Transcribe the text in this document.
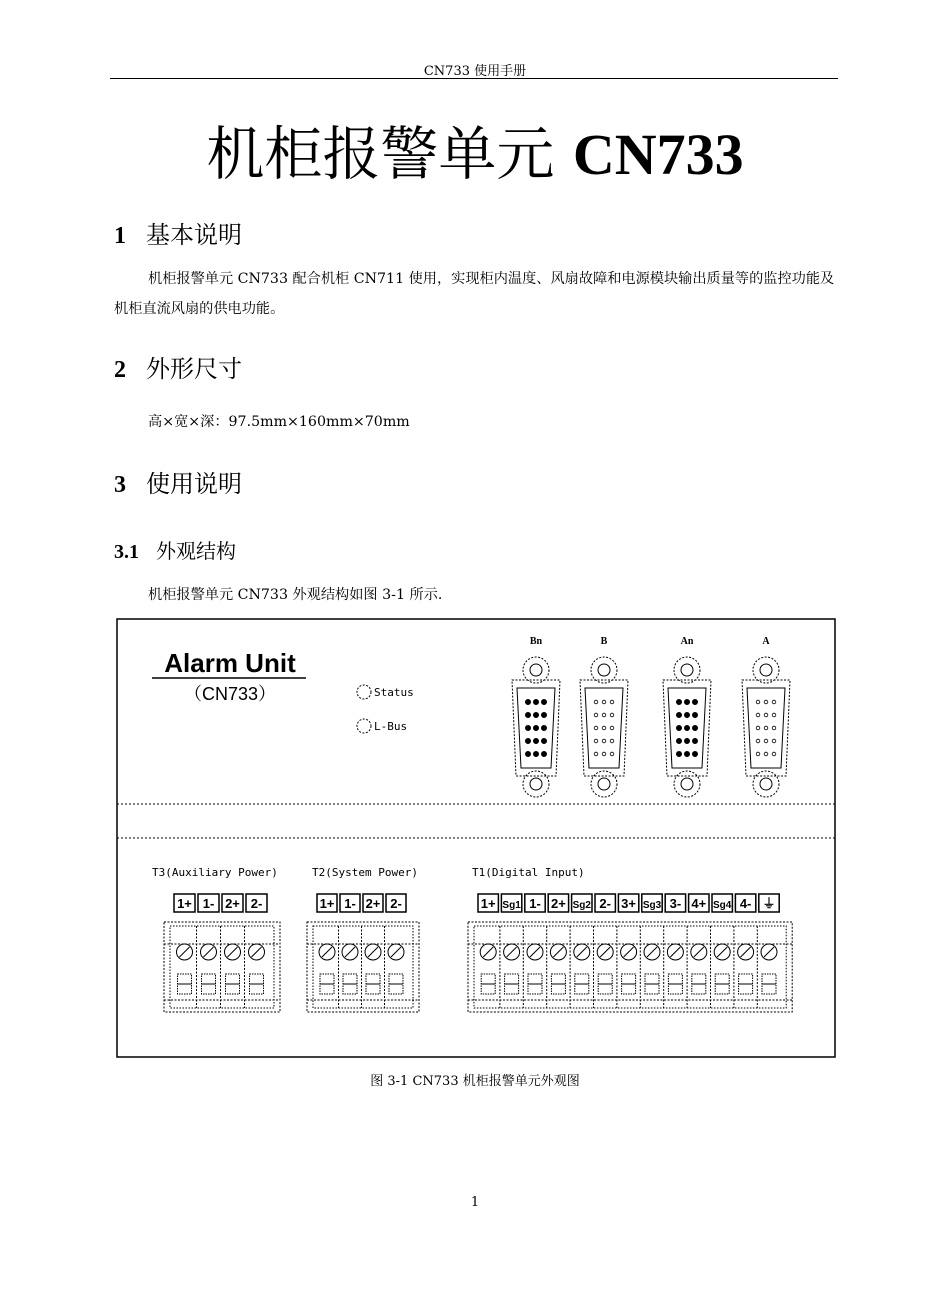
CN733 使用手册
机柜报警单元 CN733
1 基本说明
机柜报警单元 CN733 配合机柜 CN711 使用，实现柜内温度、风扇故障和电源模块输出质量等的监控功能及机柜直流风扇的供电功能。
2 外形尺寸
高×宽×深：97.5mm×160mm×70mm
3 使用说明
3.1 外观结构
机柜报警单元 CN733 外观结构如图 3-1 所示.
Alarm Unit
（CN733）	Status
L-Bus
Bn	B	An	A
T3(Auxiliary Power)
1+ 1- 2+ 2-
T2(System Power)
1+ 1- 2+ 2-
T1(Digital Input)
1+ Sg1 1- 2+ Sg2 2- 3+ Sg3 3- 4+ Sg4 4- ⏚
图 3-1 CN733 机柜报警单元外观图
1
